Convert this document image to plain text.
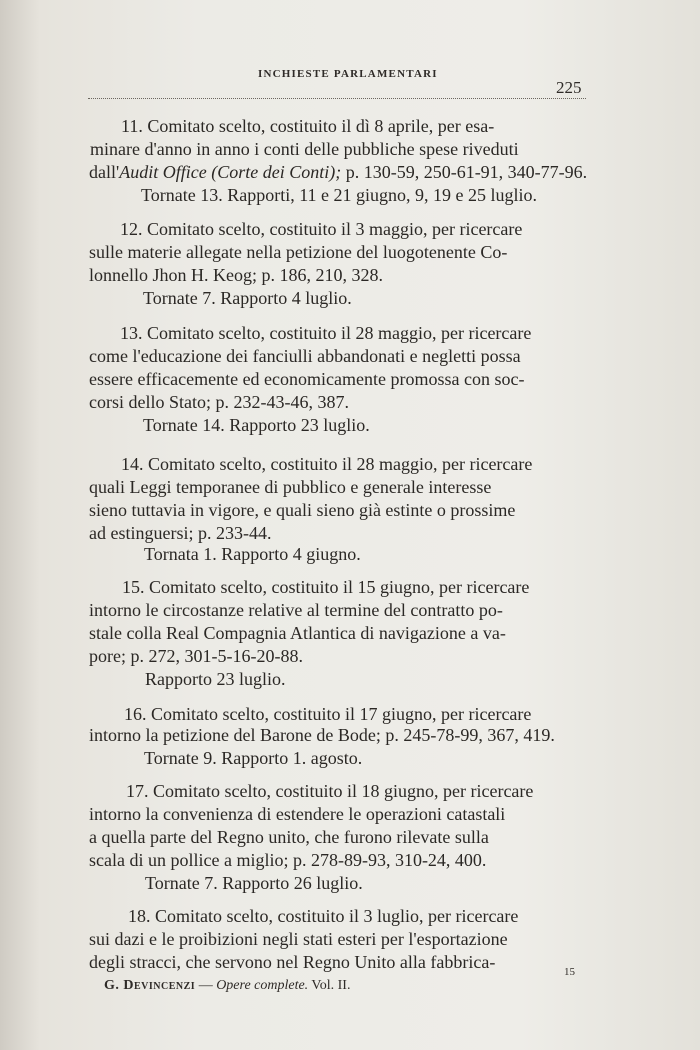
INCHIESTE PARLAMENTARI
225
11. Comitato scelto, costituito il dì 8 aprile, per esa-
minare d'anno in anno i conti delle pubbliche spese riveduti
dall'Audit Office (Corte dei Conti); p. 130-59, 250-61-91, 340-77-96.
Tornate 13. Rapporti, 11 e 21 giugno, 9, 19 e 25 luglio.
12. Comitato scelto, costituito il 3 maggio, per ricercare
sulle materie allegate nella petizione del luogotenente Co-
lonnello Jhon H. Keog; p. 186, 210, 328.
Tornate 7. Rapporto 4 luglio.
13. Comitato scelto, costituito il 28 maggio, per ricercare
come l'educazione dei fanciulli abbandonati e negletti possa
essere efficacemente ed economicamente promossa con soc-
corsi dello Stato; p. 232-43-46, 387.
Tornate 14. Rapporto 23 luglio.
14. Comitato scelto, costituito il 28 maggio, per ricercare
quali Leggi temporanee di pubblico e generale interesse
sieno tuttavia in vigore, e quali sieno già estinte o prossime
ad estinguersi; p. 233-44.
Tornata 1. Rapporto 4 giugno.
15. Comitato scelto, costituito il 15 giugno, per ricercare
intorno le circostanze relative al termine del contratto po-
stale colla Real Compagnia Atlantica di navigazione a va-
pore; p. 272, 301-5-16-20-88.
Rapporto 23 luglio.
16. Comitato scelto, costituito il 17 giugno, per ricercare
intorno la petizione del Barone de Bode; p. 245-78-99, 367, 419.
Tornate 9. Rapporto 1. agosto.
17. Comitato scelto, costituito il 18 giugno, per ricercare
intorno la convenienza di estendere le operazioni catastali
a quella parte del Regno unito, che furono rilevate sulla
scala di un pollice a miglio; p. 278-89-93, 310-24, 400.
Tornate 7. Rapporto 26 luglio.
18. Comitato scelto, costituito il 3 luglio, per ricercare
sui dazi e le proibizioni negli stati esteri per l'esportazione
degli stracci, che servono nel Regno Unito alla fabbrica-	15
G. Devincenzi — Opere complete. Vol. II.
